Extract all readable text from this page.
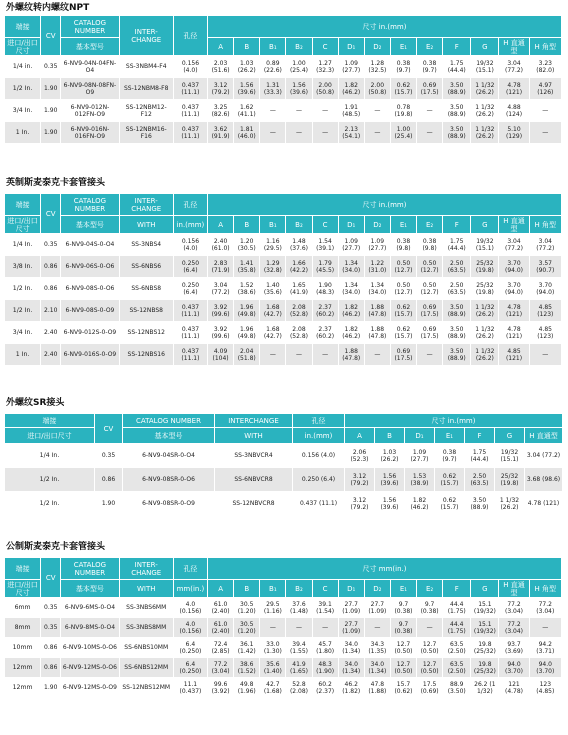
外螺纹转内螺纹NPT
端接	CV	CATALOG NUMBER	INTER- CHANGE	孔径	尺寸 in.(mm)												
进口/出口尺寸		基本型号			A	B	B₁	B₂	C	D₁	D₂	E₁	E₂	F	G	H 直通型	H 角型
1/4 in.	0.35	6-NV9-04N-04FN-O4	SS-3NBM4-F4	0.156 (4.0)	2.03 (51.6)	1.03 (26.2)	0.89 (22.6)	1.00 (25.4)	1.27 (32.3)	1.09 (27.7)	1.28 (32.5)	0.38 (9.7)	0.38 (9.7)	1.75 (44.4)	19/32 (15.1)	3.04 (77.2)	3.23 (82.0)
1/2 In.	1.90	6-NV9-08N-08FN-O9	SS-12NBM8-F8	0.437 (11.1)	3.12 (79.2)	1.56 (39.6)	1.31 (33.3)	1.56 (39.6)	2.00 (50.8)	1.82 (46.2)	2.00 (50.8)	0.62 (15.7)	0.69 (17.5)	3.50 (88.9)	1 1/32 (26.2)	4.78 (121)	4.97 (126)
3/4 In.	1.90	6-NV9-012N-012FN-O9	SS-12NBM12-F12	0.437 (11.1)	3.25 (82.6)	1.62 (41.1)	—	—	—	1.91 (48.5)	—	0.78 (19.8)	—	3.50 (88.9)	1 1/32 (26.2)	4.88 (124)	—
1 In.	1.90	6-NV9-016N-016FN-O9	SS-12NBM16-F16	0.437 (11.1)	3.62 (91.9)	1.81 (46.0)	—	—	—	2.13 (54.1)	—	1.00 (25.4)	—	3.50 (88.9)	1 1/32 (26.2)	5.10 (129)	—
英制斯麦泰克卡套管接头
端接	CV	CATALOG NUMBER	INTER- CHANGE	孔径	尺寸 in.(mm)												
进口/出口尺寸		基本型号	WITH	in.(mm)	A	B	B₁	B₂	C	D₁	D₂	E₁	E₂	F	G	H 直通型	H 角型
1/4 In.	0.35	6-NV9-04S-0-O4	SS-3NBS4	0.156 (4.0)	2.40 (61.0)	1.20 (30.5)	1.16 (29.5)	1.48 (37.6)	1.54 (39.1)	1.09 (27.7)	1.09 (27.7)	0.38 (9.8)	0.38 (9.8)	1.75 (44.4)	19/32 (15.1)	3.04 (77.2)	3.04 (77.2)
3/8 In.	0.86	6-NV9-06S-0-O6	SS-6NBS6	0.250 (6.4)	2.83 (71.9)	1.41 (35.8)	1.29 (32.8)	1.66 (42.2)	1.79 (45.5)	1.34 (34.0)	1.22 (31.0)	0.50 (12.7)	0.50 (12.7)	2.50 (63.5)	25/32 (19.8)	3.70 (94.0)	3.57 (90.7)
1/2 In.	0.86	6-NV9-08S-0-O6	SS-6NBS8	0.250 (6.4)	3.04 (77.2)	1.52 (38.6)	1.40 (35.6)	1.65 (41.9)	1.90 (48.3)	1.34 (34.0)	1.34 (34.0)	0.50 (12.7)	0.50 (12.7)	2.50 (63.5)	25/32 (19.8)	3.70 (94.0)	3.70 (94.0)
1/2 In.	2.10	6-NV9-08S-0-O9	SS-12NBS8	0.437 (11.1)	3.92 (99.6)	1.96 (49.8)	1.68 (42.7)	2.08 (52.8)	2.37 (60.2)	1.82 (46.2)	1.88 (47.8)	0.62 (15.7)	0.69 (17.5)	3.50 (88.9)	1 1/32 (26.2)	4.78 (121)	4.85 (123)
3/4 In.	2.40	6-NV9-012S-0-O9	SS-12NBS12	0.437 (11.1)	3.92 (99.6)	1.96 (49.8)	1.68 (42.7)	2.08 (52.8)	2.37 (60.2)	1.82 (46.2)	1.88 (47.8)	0.62 (15.7)	0.69 (17.5)	3.50 (88.9)	1 1/32 (26.2)	4.78 (121)	4.85 (123)
1 In.	2.40	6-NV9-016S-0-O9	SS-12NBS16	0.437 (11.1)	4.09 (104)	2.04 (51.8)	—	—	—	1.88 (47.8)	—	0.69 (17.5)	—	3.50 (88.9)	1 1/32 (26.2)	4.85 (121)	—
外螺纹SR接头
端接	CV	CATALOG NUMBER	INTERCHANGE	孔径	尺寸 in.(mm)						
进口/出口尺寸		基本型号	WITH	in.(mm)	A	B	D₁	E₁	F	G	H 直通型
1/4 In.	0.35	6-NV9-04SR-0-O4	SS-3NBVCR4	0.156 (4.0)	2.06 (52.3)	1.03 (26.2)	1.09 (27.7)	0.38 (9.7)	1.75 (44.4)	19/32 (15.1)	3.04 (77.2)
1/2 In.	0.86	6-NV9-08SR-0-O6	SS-6NBVCR8	0.250 (6.4)	3.12 (79.2)	1.56 (39.6)	1.53 (38.9)	0.62 (15.7)	2.50 (63.5)	25/32 (19.8)	3.68 (98.6)
1/2 In.	1.90	6-NV9-08SR-0-O9	SS-12NBVCR8	0.437 (11.1)	3.12 (79.2)	1.56 (39.6)	1.82 (46.2)	0.62 (15.7)	3.50 (88.9)	1 1/32 (26.2)	4.78 (121)
公制斯麦泰克卡套管接头
端接	CV	CATALOG NUMBER	INTER- CHANGE	孔径	尺寸 mm(in.)												
进口/出口尺寸		基本型号	WITH	mm(in.)	A	B	B₁	B₂	C	D₁	D₂	E₁	E₂	F	G	H 直通型	H 角型
6mm	0.35	6-NV9-6MS-0-O4	SS-3NBS6MM	4.0 (0.156)	61.0 (2.40)	30.5 (1.20)	29.5 (1.16)	37.6 (1.48)	39.1 (1.54)	27.7 (1.09)	27.7 (1.09)	9.7 (0.38)	9.7 (0.38)	44.4 (1.75)	15.1 (19/32)	77.2 (3.04)	77.2 (3.04)
8mm	0.35	6-NV9-8MS-0-O4	SS-3NBS8MM	4.0 (0.156)	61.0 (2.40)	30.5 (1.20)	—	—	—	27.7 (1.09)	—	9.7 (0.38)	—	44.4 (1.75)	15.1 (19/32)	77.2 (3.04)	—
10mm	0.86	6-NV9-10MS-0-O6	SS-6NBS10MM	6.4 (0.250)	72.4 (2.85)	36.1 (1.42)	33.0 (1.30)	39.4 (1.55)	45.7 (1.80)	34.0 (1.34)	34.3 (1.35)	12.7 (0.50)	12.7 (0.50)	63.5 (2.50)	19.8 (25/32)	93.7 (3.69)	94.2 (3.71)
12mm	0.86	6-NV9-12MS-0-O6	SS-6NBS12MM	6.4 (0.250)	77.2 (3.04)	38.6 (1.52)	35.6 (1.40)	41.9 (1.65)	48.3 (1.90)	34.0 (1.34)	34.0 (1.34)	12.7 (0.50)	12.7 (0.50)	63.5 (2.50)	19.8 (25/32)	94.0 (3.70)	94.0 (3.70)
12mm	1.90	6-NV9-12MS-0-O9	SS-12NBS12MM	11.1 (0.437)	99.6 (3.92)	49.8 (1.96)	42.7 (1.68)	52.8 (2.08)	60.2 (2.37)	46.2 (1.82)	47.8 (1.88)	15.7 (0.62)	17.5 (0.69)	88.9 (3.50)	26.2 (1 1/32)	121 (4.78)	123 (4.85)
